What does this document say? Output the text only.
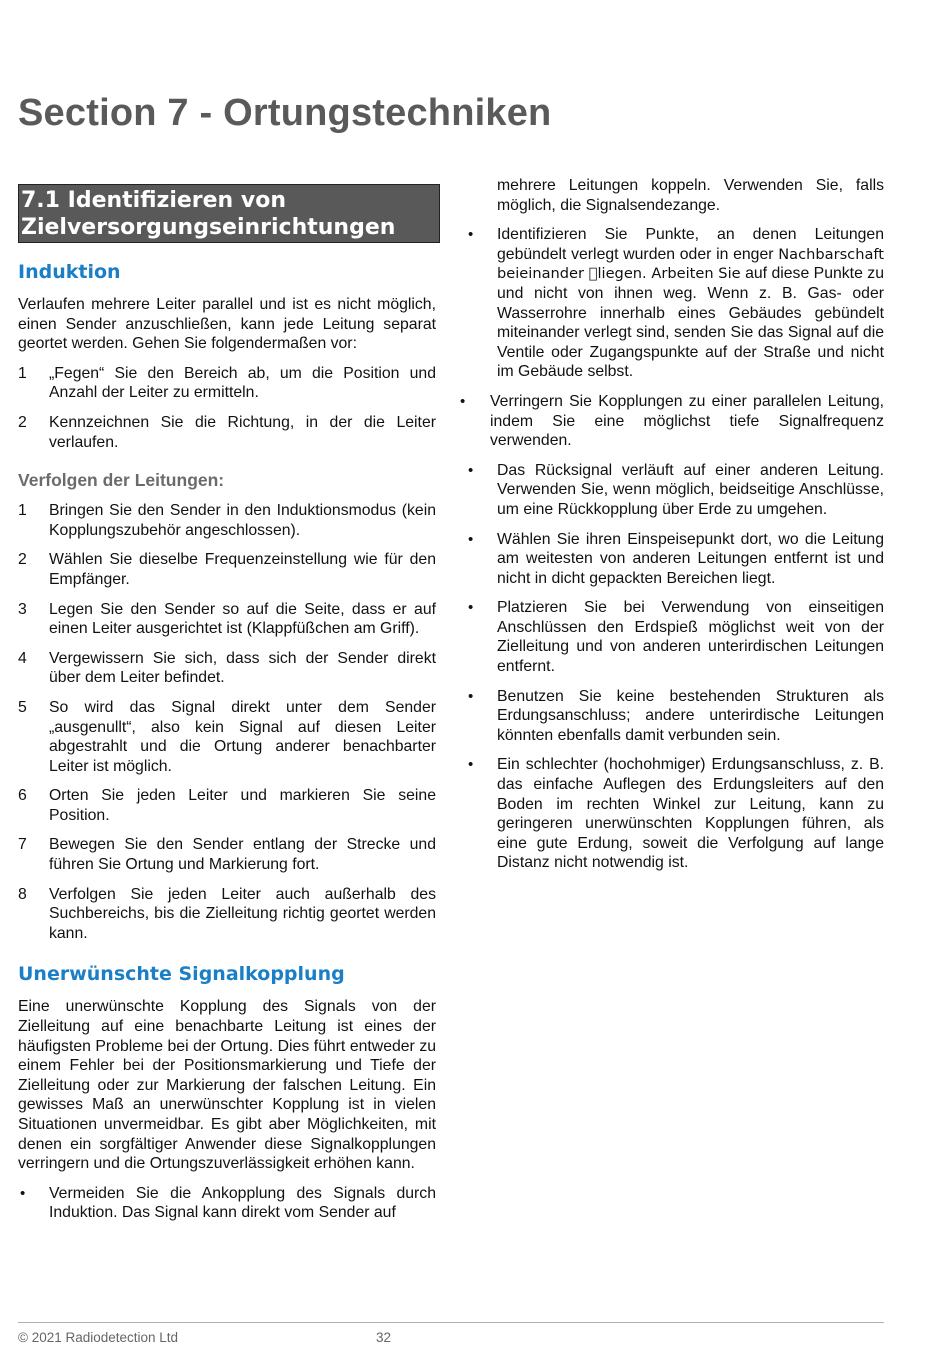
Section 7 - Ortungstechniken
7.1 Identifizieren von Zielversorgungseinrichtungen
Induktion

Verlaufen mehrere Leiter parallel und ist es nicht möglich, einen Sender anzuschließen, kann jede Leitung separat geortet werden. Gehen Sie folgendermaßen vor:

1 „Fegen“ Sie den Bereich ab, um die Position und Anzahl der Leiter zu ermitteln.
2 Kennzeichnen Sie die Richtung, in der die Leiter verlaufen.
Verfolgen der Leitungen:
1 Bringen Sie den Sender in den Induktionsmodus (kein Kopplungszubehör angeschlossen).
2 Wählen Sie dieselbe Frequenzeinstellung wie für den Empfänger.
3 Legen Sie den Sender so auf die Seite, dass er auf einen Leiter ausgerichtet ist (Klappfüßchen am Griff).
4 Vergewissern Sie sich, dass sich der Sender direkt über dem Leiter befindet.
5 So wird das Signal direkt unter dem Sender „ausgenullt“, also kein Signal auf diesen Leiter abgestrahlt und die Ortung anderer benachbarter Leiter ist möglich.
6 Orten Sie jeden Leiter und markieren Sie seine Position.
7 Bewegen Sie den Sender entlang der Strecke und führen Sie Ortung und Markierung fort.
8 Verfolgen Sie jeden Leiter auch außerhalb des Suchbereichs, bis die Zielleitung richtig geortet werden kann.
Unerwünschte Signalkopplung

Eine unerwünschte Kopplung des Signals von der Zielleitung auf eine benachbarte Leitung ist eines der häufigsten Probleme bei der Ortung. Dies führt entweder zu einem Fehler bei der Positionsmarkierung und Tiefe der Zielleitung oder zur Markierung der falschen Leitung. Ein gewisses Maß an unerwünschter Kopplung ist in vielen Situationen unvermeidbar. Es gibt aber Möglichkeiten, mit denen ein sorgfältiger Anwender diese Signalkopplungen verringern und die Ortungszuverlässigkeit erhöhen kann.

• Vermeiden Sie die Ankopplung des Signals durch Induktion. Das Signal kann direkt vom Sender auf

mehrere Leitungen koppeln. Verwenden Sie, falls möglich, die Signalsendezange.

• Identifizieren Sie Punkte, an denen Leitungen gebündelt verlegt wurden oder in enger Nachbarschaft beieinander liegen. Arbeiten Sie auf diese Punkte zu und nicht von ihnen weg. Wenn z. B. Gas- oder Wasserrohre innerhalb eines Gebäudes gebündelt miteinander verlegt sind, senden Sie das Signal auf die Ventile oder Zugangspunkte auf der Straße und nicht im Gebäude selbst.
• Verringern Sie Kopplungen zu einer parallelen Leitung, indem Sie eine möglichst tiefe Signalfrequenz verwenden.
• Das Rücksignal verläuft auf einer anderen Leitung. Verwenden Sie, wenn möglich, beidseitige Anschlüsse, um eine Rückkopplung über Erde zu umgehen.
• Wählen Sie ihren Einspeisepunkt dort, wo die Leitung am weitesten von anderen Leitungen entfernt ist und nicht in dicht gepackten Bereichen liegt.
• Platzieren Sie bei Verwendung von einseitigen Anschlüssen den Erdspieß möglichst weit von der Zielleitung und von anderen unterirdischen Leitungen entfernt.
• Benutzen Sie keine bestehenden Strukturen als Erdungsanschluss; andere unterirdische Leitungen könnten ebenfalls damit verbunden sein.
• Ein schlechter (hochohmiger) Erdungsanschluss, z. B. das einfache Auflegen des Erdungsleiters auf den Boden im rechten Winkel zur Leitung, kann zu geringeren unerwünschten Kopplungen führen, als eine gute Erdung, soweit die Verfolgung auf lange Distanz nicht notwendig ist.
© 2021 Radiodetection Ltd	32
